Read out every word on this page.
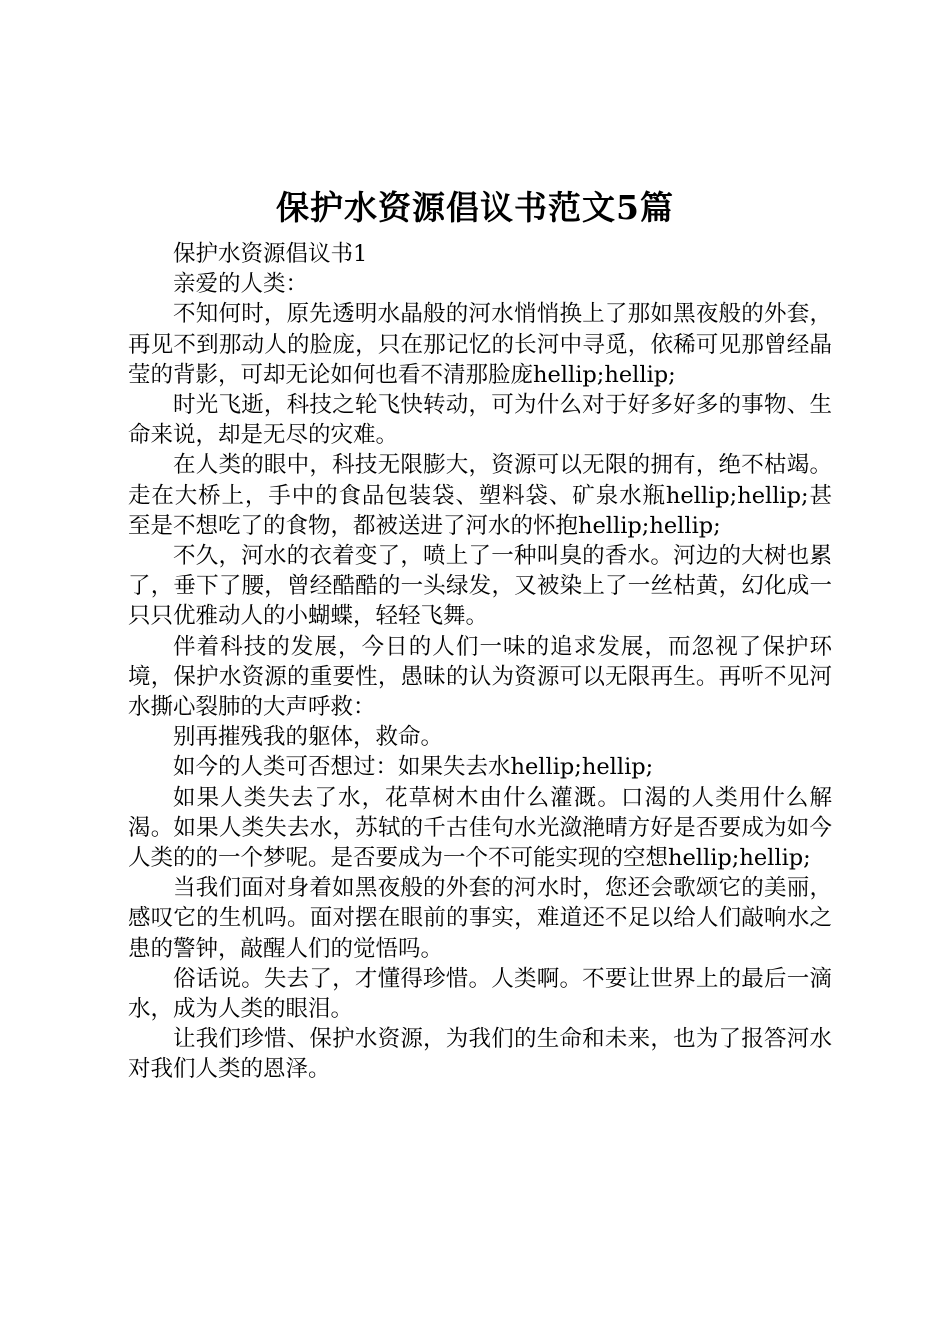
保护水资源倡议书范文5篇

保护水资源倡议书1

亲爱的人类：

不知何时，原先透明水晶般的河水悄悄换上了那如黑夜般的外套，再见不到那动人的脸庞，只在那记忆的长河中寻觅，依稀可见那曾经晶莹的背影，可却无论如何也看不清那脸庞hellip;hellip;

时光飞逝，科技之轮飞快转动，可为什么对于好多好多的事物、生命来说，却是无尽的灾难。

在人类的眼中，科技无限膨大，资源可以无限的拥有，绝不枯竭。走在大桥上，手中的食品包装袋、塑料袋、矿泉水瓶hellip;hellip;甚至是不想吃了的食物，都被送进了河水的怀抱hellip;hellip;

不久，河水的衣着变了，喷上了一种叫臭的香水。河边的大树也累了，垂下了腰，曾经酷酷的一头绿发，又被染上了一丝枯黄，幻化成一只只优雅动人的小蝴蝶，轻轻飞舞。

伴着科技的发展，今日的人们一味的追求发展，而忽视了保护环境，保护水资源的重要性，愚昧的认为资源可以无限再生。再听不见河水撕心裂肺的大声呼救：

别再摧残我的躯体，救命。

如今的人类可否想过：如果失去水hellip;hellip;

如果人类失去了水，花草树木由什么灌溉。口渴的人类用什么解渴。如果人类失去水，苏轼的千古佳句水光潋滟晴方好是否要成为如今人类的的一个梦呢。是否要成为一个不可能实现的空想hellip;hellip;

当我们面对身着如黑夜般的外套的河水时，您还会歌颂它的美丽，感叹它的生机吗。面对摆在眼前的事实，难道还不足以给人们敲响水之患的警钟，敲醒人们的觉悟吗。

俗话说。失去了，才懂得珍惜。人类啊。不要让世界上的最后一滴水，成为人类的眼泪。

让我们珍惜、保护水资源，为我们的生命和未来，也为了报答河水对我们人类的恩泽。
